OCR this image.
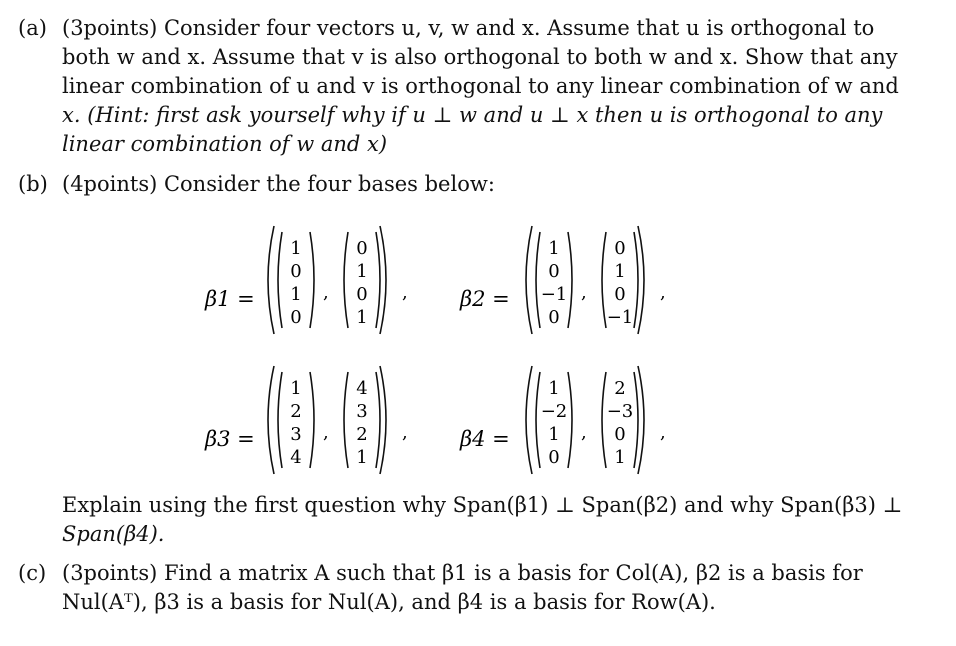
(a) (3points) Consider four vectors u, v, w and x. Assume that u is orthogonal to
both w and x. Assume that v is also orthogonal to both w and x. Show that any
linear combination of u and v is orthogonal to any linear combination of w and
x. (Hint: first ask yourself why if u ⊥ w and u ⊥ x then u is orthogonal to any
linear combination of w and x)
(b) (4points) Consider the four bases below:
β1 =
1
0
1
0
,
0
1
0
1
, β2 =
1
0
−1
0
,
0
1
0
−1
,
β3 =
1
2
3
4
,
4
3
2
1
, β4 =
1
−2
1
0
,
2
−3
0
1
,
Explain using the first question why Span(β1) ⊥ Span(β2) and why Span(β3) ⊥
Span(β4).
(c) (3points) Find a matrix A such that β1 is a basis for Col(A), β2 is a basis for
Nul(Aᵀ), β3 is a basis for Nul(A), and β4 is a basis for Row(A).
